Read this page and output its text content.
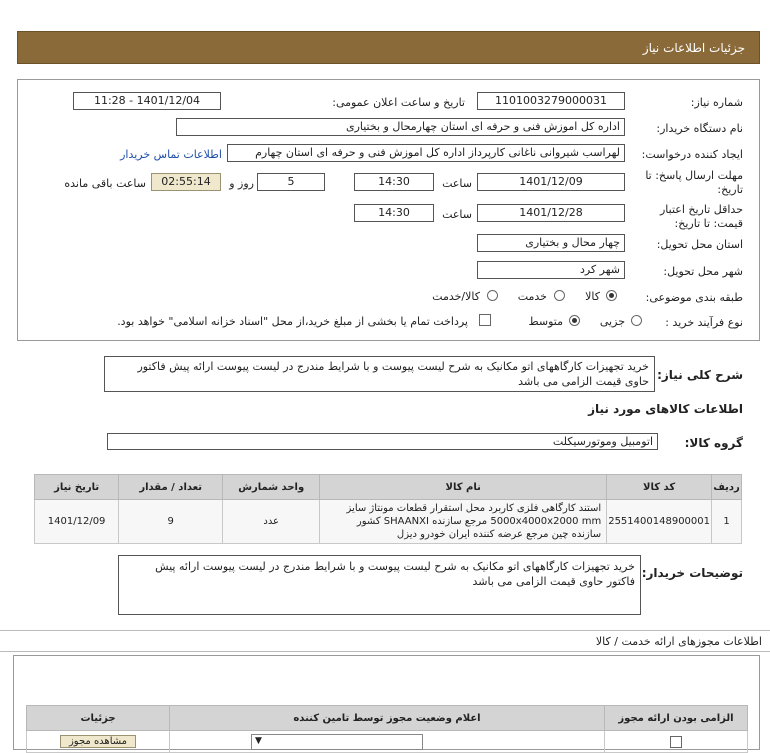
جزئیات اطلاعات نیاز
شماره نیاز:
1101003279000031
تاریخ و ساعت اعلان عمومی:
1401/12/04 - 11:28
نام دستگاه خریدار:
اداره کل اموزش فنی و حرفه ای استان چهارمحال و بختیاری
ایجاد کننده درخواست:
لهراسب شیروانی ناغانی کارپرداز اداره کل اموزش فنی و حرفه ای استان چهارم
اطلاعات تماس خریدار
مهلت ارسال پاسخ: تا
تاریخ:
1401/12/09
ساعت
14:30
5
روز و
02:55:14
ساعت باقی مانده
حداقل تاریخ اعتبار
قیمت: تا تاریخ:
1401/12/28
ساعت
14:30
استان محل تحویل:
چهار محال و بختیاری
شهر محل تحویل:
شهر کرد
طبقه بندی موضوعی:
کالا
خدمت
کالا/خدمت
نوع فرآیند خرید :
جزیی
متوسط
پرداخت تمام یا بخشی از مبلغ خرید،از محل "اسناد خزانه اسلامی" خواهد بود.
شرح کلی نیاز:
خرید تجهیزات کارگاههای اتو مکانیک به شرح لیست پیوست و با شرایط مندرج در لیست پیوست ارائه پیش فاکتور حاوی قیمت الزامی می باشد
اطلاعات کالاهای مورد نیاز
گروه کالا:
اتومبیل وموتورسیکلت
ردیف	کد کالا	نام کالا	واحد شمارش	تعداد / مقدار	تاریخ نیاز
1	2551400148900001	استند کارگاهی فلزی کاربرد محل استقرار قطعات مونتاژ سایز 5000x4000x2000 mm مرجع سازنده SHAANXI کشور سازنده چین مرجع عرضه کننده ایران خودرو دیزل	عدد	9	1401/12/09
توضیحات خریدار:
خرید تجهیزات کارگاههای اتو مکانیک به شرح لیست پیوست و با شرایط مندرج در لیست پیوست ارائه پیش فاکتور حاوی قیمت الزامی می باشد
اطلاعات مجوزهای ارائه خدمت / کالا
الزامی بودن ارائه مجوز	اعلام وضعیت مجوز توسط تامین کننده	جزئیات

	▼	مشاهده مجوز
